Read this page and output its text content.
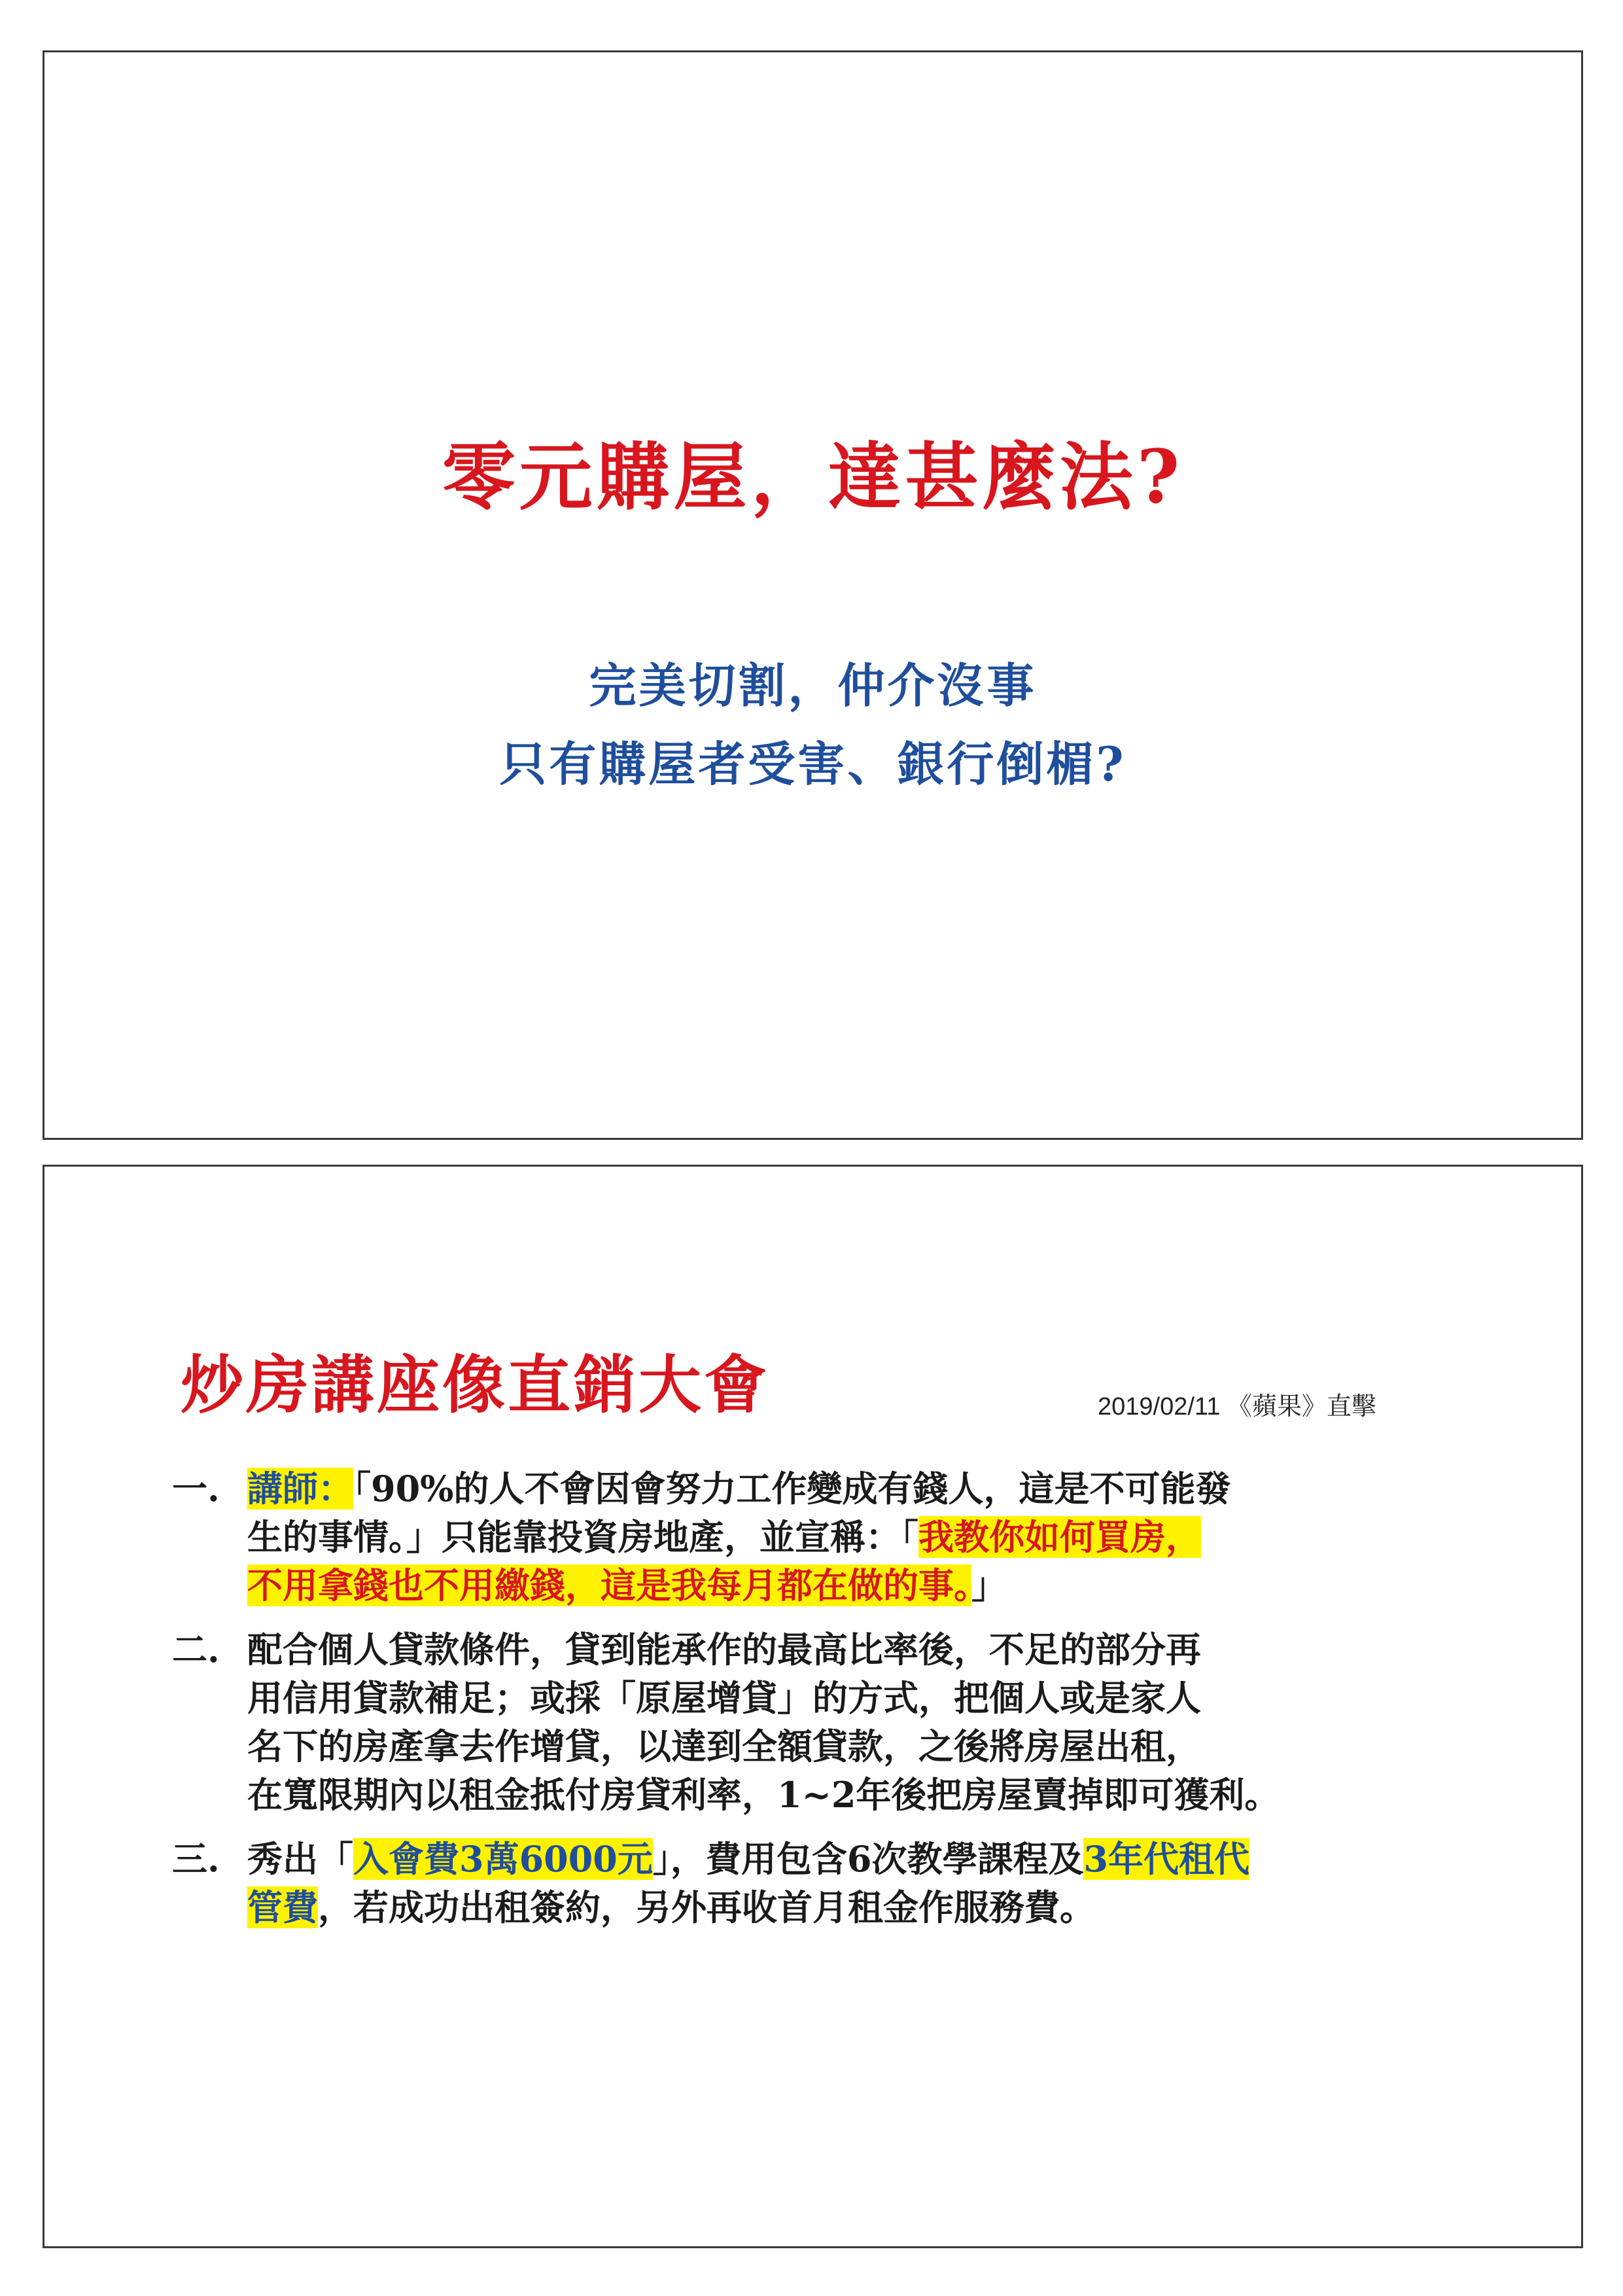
零元購屋，達甚麼法?
完美切割，仲介沒事
只有購屋者受害、銀行倒楣?
炒房講座像直銷大會	2019/02/11 《蘋果》直擊
一. 講師：「90%的人不會因會努力工作變成有錢人，這是不可能發
生的事情。」只能靠投資房地產，並宣稱：「我教你如何買房，
不用拿錢也不用繳錢，這是我每月都在做的事。」
二. 配合個人貸款條件，貸到能承作的最高比率後，不足的部分再
用信用貸款補足；或採「原屋增貸」的方式，把個人或是家人
名下的房產拿去作增貸，以達到全額貸款，之後將房屋出租，
在寬限期內以租金抵付房貸利率，1~2年後把房屋賣掉即可獲利。
三. 秀出「入會費3萬6000元」，費用包含6次教學課程及3年代租代
管費，若成功出租簽約，另外再收首月租金作服務費。
